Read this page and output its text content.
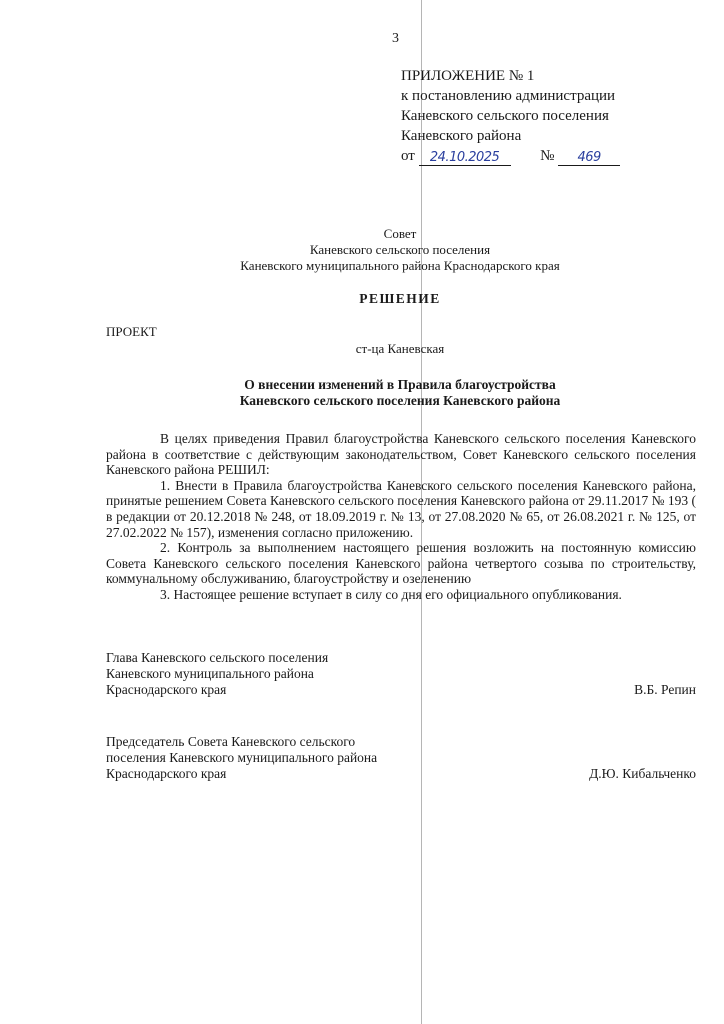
3
ПРИЛОЖЕНИЕ № 1
к постановлению администрации
Каневского сельского поселения
Каневского района
от 24.10.2025	№ 469
Совет
Каневского сельского поселения
Каневского муниципального района Краснодарского края
РЕШЕНИЕ
ПРОЕКТ
ст-ца Каневская
О внесении изменений в Правила благоустройства
Каневского сельского поселения Каневского района

В целях приведения Правил благоустройства Каневского сельского поселения Каневского района в соответствие с действующим законодательством, Совет Каневского сельского поселения Каневского района РЕШИЛ:

1. Внести в Правила благоустройства Каневского сельского поселения Каневского района, принятые решением Совета Каневского сельского поселения Каневского района от 29.11.2017 № 193 ( в редакции от 20.12.2018 № 248, от 18.09.2019 г. № 13, от 27.08.2020 № 65, от 26.08.2021 г. № 125, от 27.02.2022 № 157), изменения согласно приложению.

2. Контроль за выполнением настоящего решения возложить на постоянную комиссию Совета Каневского сельского поселения Каневского района четвертого созыва по строительству, коммунальному обслуживанию, благоустройству и озеленению

3. Настоящее решение вступает в силу со дня его официального опубликования.

Глава Каневского сельского поселения
Каневского муниципального района
Краснодарского края	В.Б. Репин
Председатель Совета Каневского сельского
поселения Каневского муниципального района
Краснодарского края	Д.Ю. Кибальченко
